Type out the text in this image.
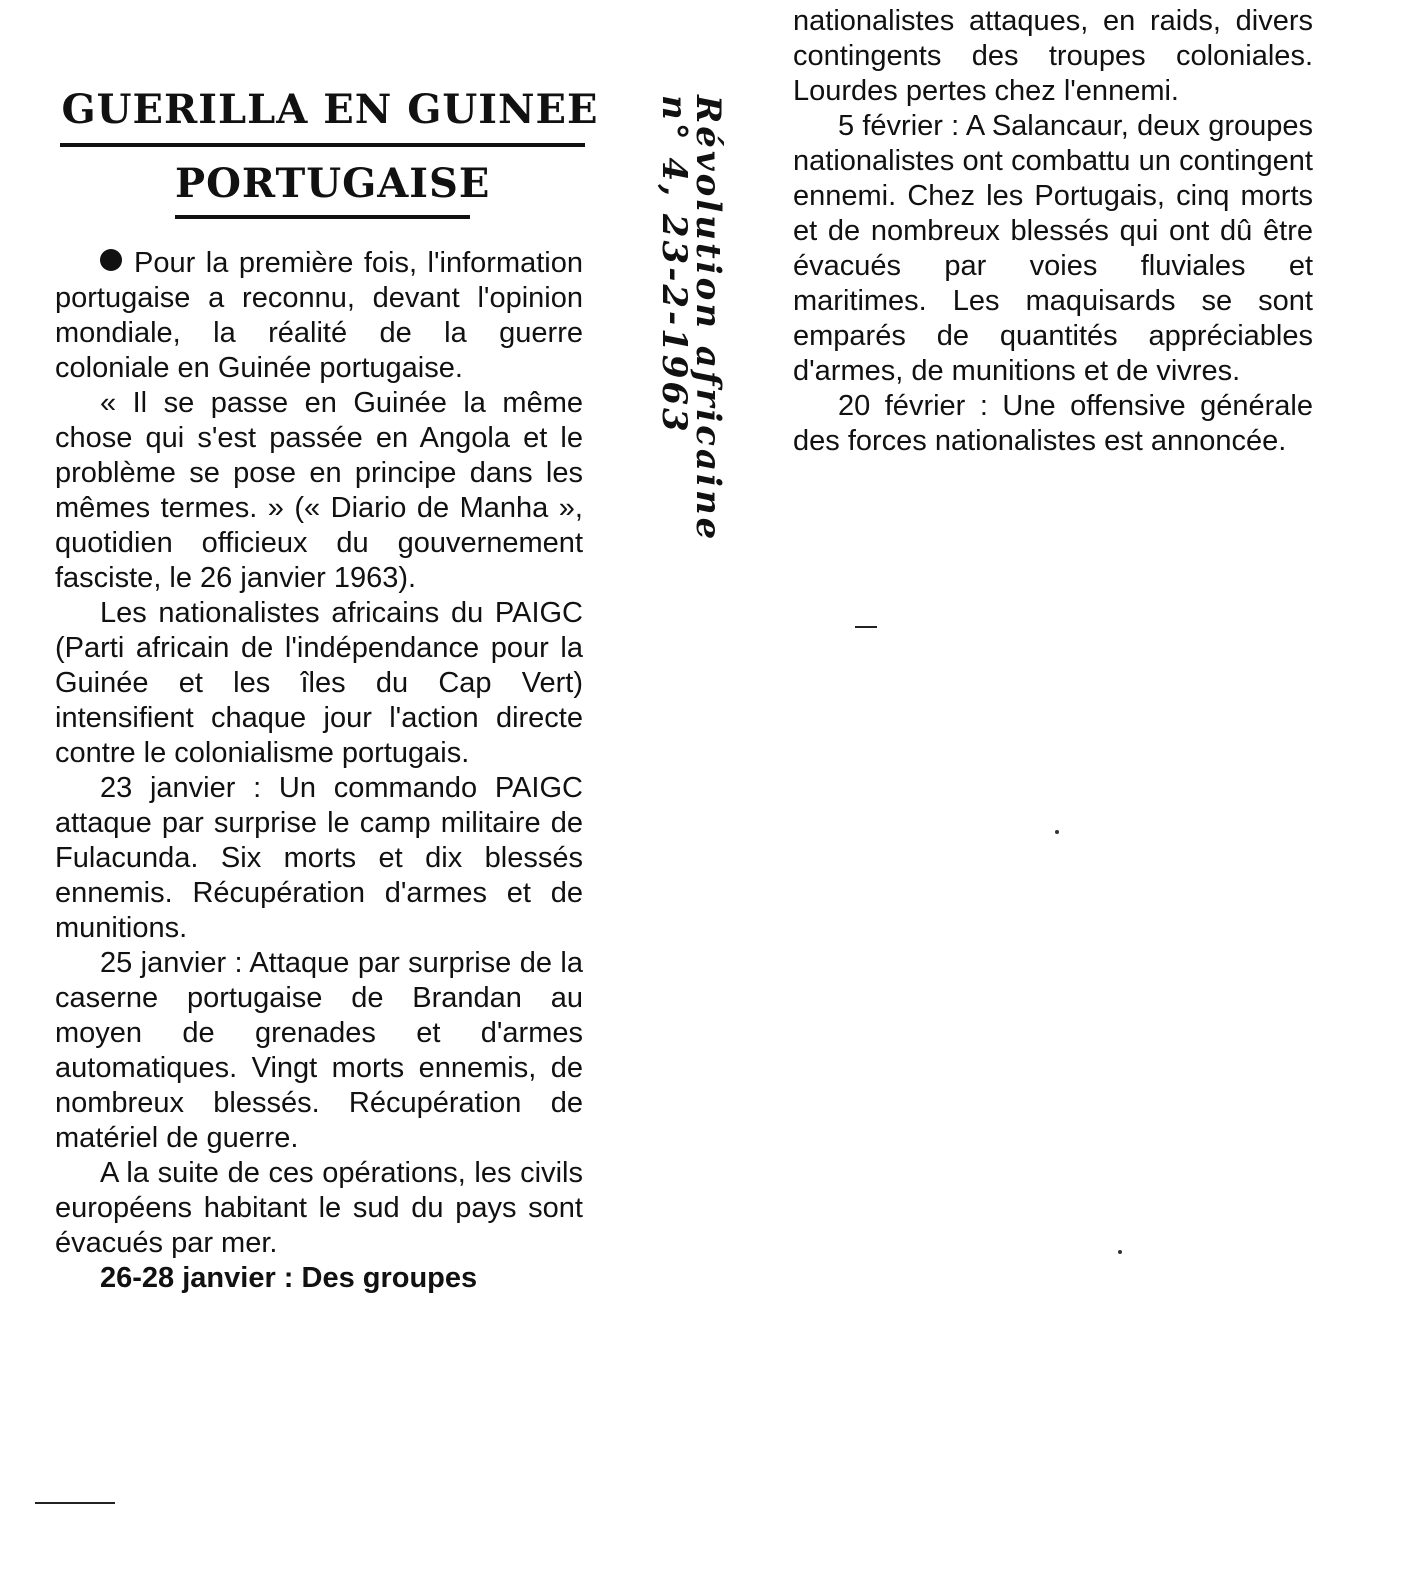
GUERILLA EN GUINEE
PORTUGAISE	Révolution africaine
n° 4, 23-2-1963

Pour la première fois, l'information portugaise a reconnu, devant l'opinion mondiale, la réalité de la guerre coloniale en Guinée portugaise.

« Il se passe en Guinée la même chose qui s'est passée en Angola et le problème se pose en principe dans les mêmes termes. » (« Diario de Manha », quotidien officieux du gouvernement fasciste, le 26 janvier 1963).

Les nationalistes africains du PAIGC (Parti africain de l'indépendance pour la Guinée et les îles du Cap Vert) intensifient chaque jour l'action directe contre le colonialisme portugais.

23 janvier : Un commando PAIGC attaque par surprise le camp militaire de Fulacunda. Six morts et dix blessés ennemis. Récupération d'armes et de munitions.

25 janvier : Attaque par surprise de la caserne portugaise de Brandan au moyen de grenades et d'armes automatiques. Vingt morts ennemis, de nombreux blessés. Récupération de matériel de guerre.

A la suite de ces opérations, les civils européens habitant le sud du pays sont évacués par mer.

26-28 janvier : Des groupes

nationalistes attaques, en raids, divers contingents des troupes coloniales. Lourdes pertes chez l'ennemi.

5 février : A Salancaur, deux groupes nationalistes ont combattu un contingent ennemi. Chez les Portugais, cinq morts et de nombreux blessés qui ont dû être évacués par voies fluviales et maritimes. Les maquisards se sont emparés de quantités appréciables d'armes, de munitions et de vivres.

20 février : Une offensive générale des forces nationalistes est annoncée.
